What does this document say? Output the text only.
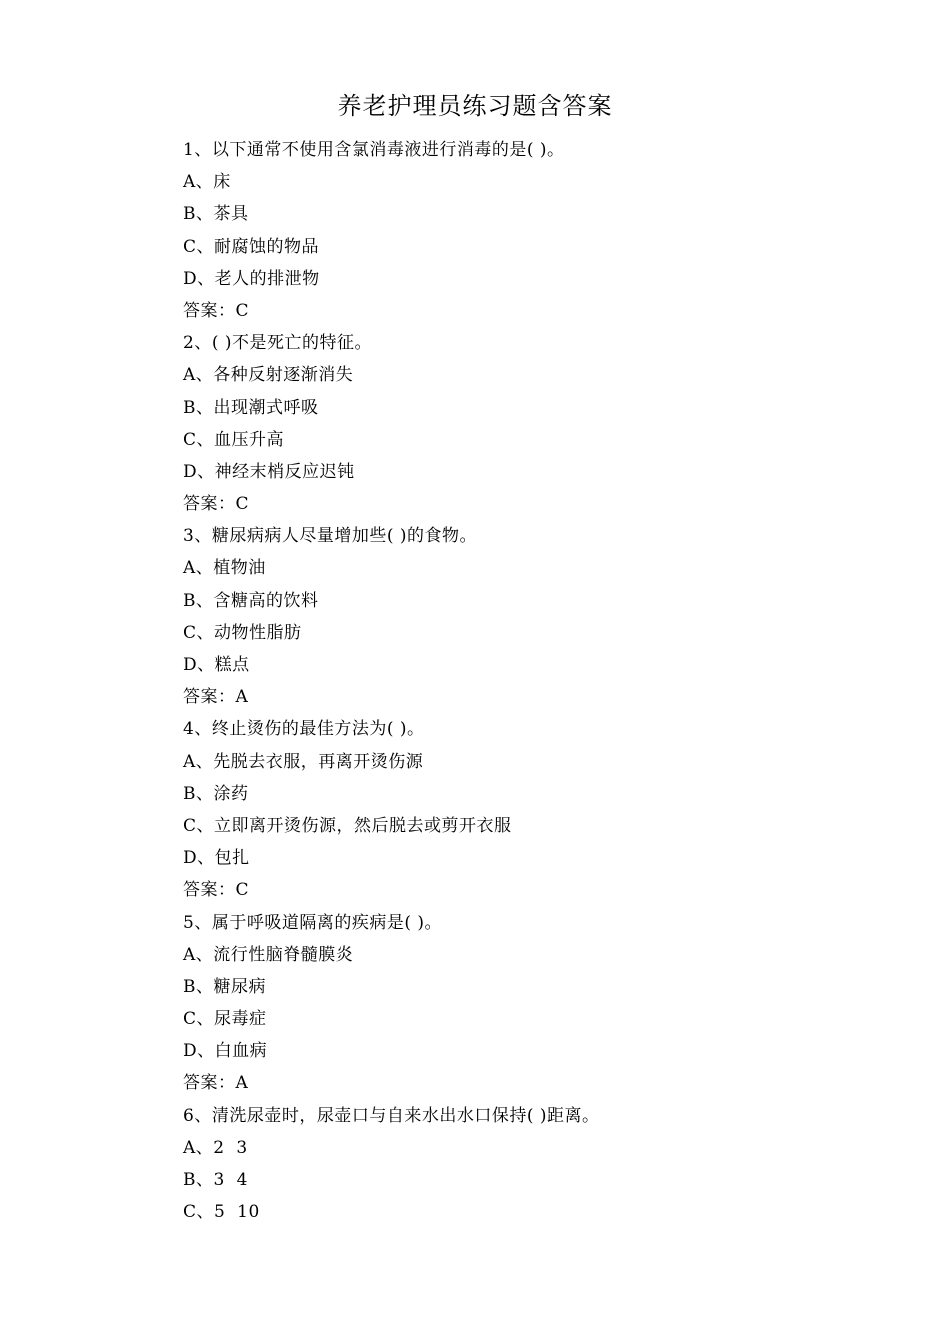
养老护理员练习题含答案
1、以下通常不使用含氯消毒液进行消毒的是( )。
A、床
B、茶具
C、耐腐蚀的物品
D、老人的排泄物
答案：C
2、( )不是死亡的特征。
A、各种反射逐渐消失
B、出现潮式呼吸
C、血压升高
D、神经末梢反应迟钝
答案：C
3、糖尿病病人尽量增加些( )的食物。
A、植物油
B、含糖高的饮料
C、动物性脂肪
D、糕点
答案：A
4、终止烫伤的最佳方法为( )。
A、先脱去衣服，再离开烫伤源
B、涂药
C、立即离开烫伤源，然后脱去或剪开衣服
D、包扎
答案：C
5、属于呼吸道隔离的疾病是( )。
A、流行性脑脊髓膜炎
B、糖尿病
C、尿毒症
D、白血病
答案：A
6、清洗尿壶时，尿壶口与自来水出水口保持( )距离。
A、2  3
B、3  4
C、5  10
